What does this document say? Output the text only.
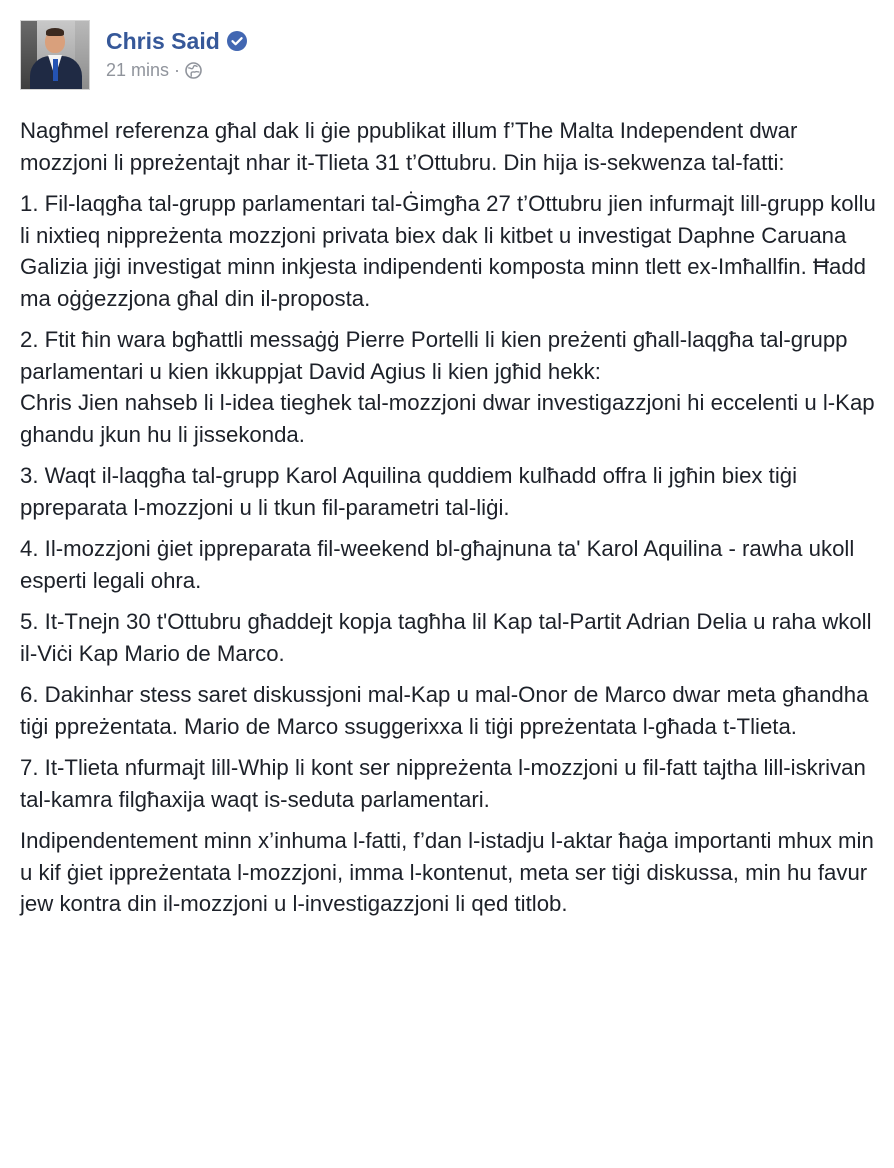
Chris Said
21 mins ·

Nagħmel referenza għal dak li ġie ppublikat illum f’The Malta Independent dwar mozzjoni li ppreżentajt nhar it-Tlieta 31 t’Ottubru. Din hija is-sekwenza tal-fatti:

1. Fil-laqgħa tal-grupp parlamentari tal-Ġimgħa 27 t’Ottubru jien infurmajt lill-grupp kollu li nixtieq nippreżenta mozzjoni privata biex dak li kitbet u investigat Daphne Caruana Galizia jiġi investigat minn inkjesta indipendenti komposta minn tlett ex-Imħallfin. Ħadd ma oġġezzjona għal din il-proposta.

2. Ftit ħin wara bgħattli messaġġ Pierre Portelli li kien preżenti għall-laqgħa tal-grupp parlamentari u kien ikkuppjat David Agius li kien jgħid hekk:
Chris Jien nahseb li l-idea tieghek tal-mozzjoni dwar investigazzjoni hi eccelenti u l-Kap ghandu jkun hu li jissekonda.

3. Waqt il-laqgħa tal-grupp Karol Aquilina quddiem kulħadd offra li jgħin biex tiġi ppreparata l-mozzjoni u li tkun fil-parametri tal-liġi.

4. Il-mozzjoni ġiet ippreparata fil-weekend bl-għajnuna ta' Karol Aquilina - rawha ukoll esperti legali ohra.

5. It-Tnejn 30 t'Ottubru għaddejt kopja tagħha lil Kap tal-Partit Adrian Delia u raha wkoll il-Viċi Kap Mario de Marco.

6. Dakinhar stess saret diskussjoni mal-Kap u mal-Onor de Marco dwar meta għandha tiġi ppreżentata. Mario de Marco ssuggerixxa li tiġi ppreżentata l-għada t-Tlieta.

7. It-Tlieta nfurmajt lill-Whip li kont ser nippreżenta l-mozzjoni u fil-fatt tajtha lill-iskrivan tal-kamra filgħaxija waqt is-seduta parlamentari.

Indipendentement minn x’inhuma l-fatti, f’dan l-istadju l-aktar ħaġa importanti mhux min u kif ġiet ippreżentata l-mozzjoni, imma l-kontenut, meta ser tiġi diskussa, min hu favur jew kontra din il-mozzjoni u l-investigazzjoni li qed titlob.
